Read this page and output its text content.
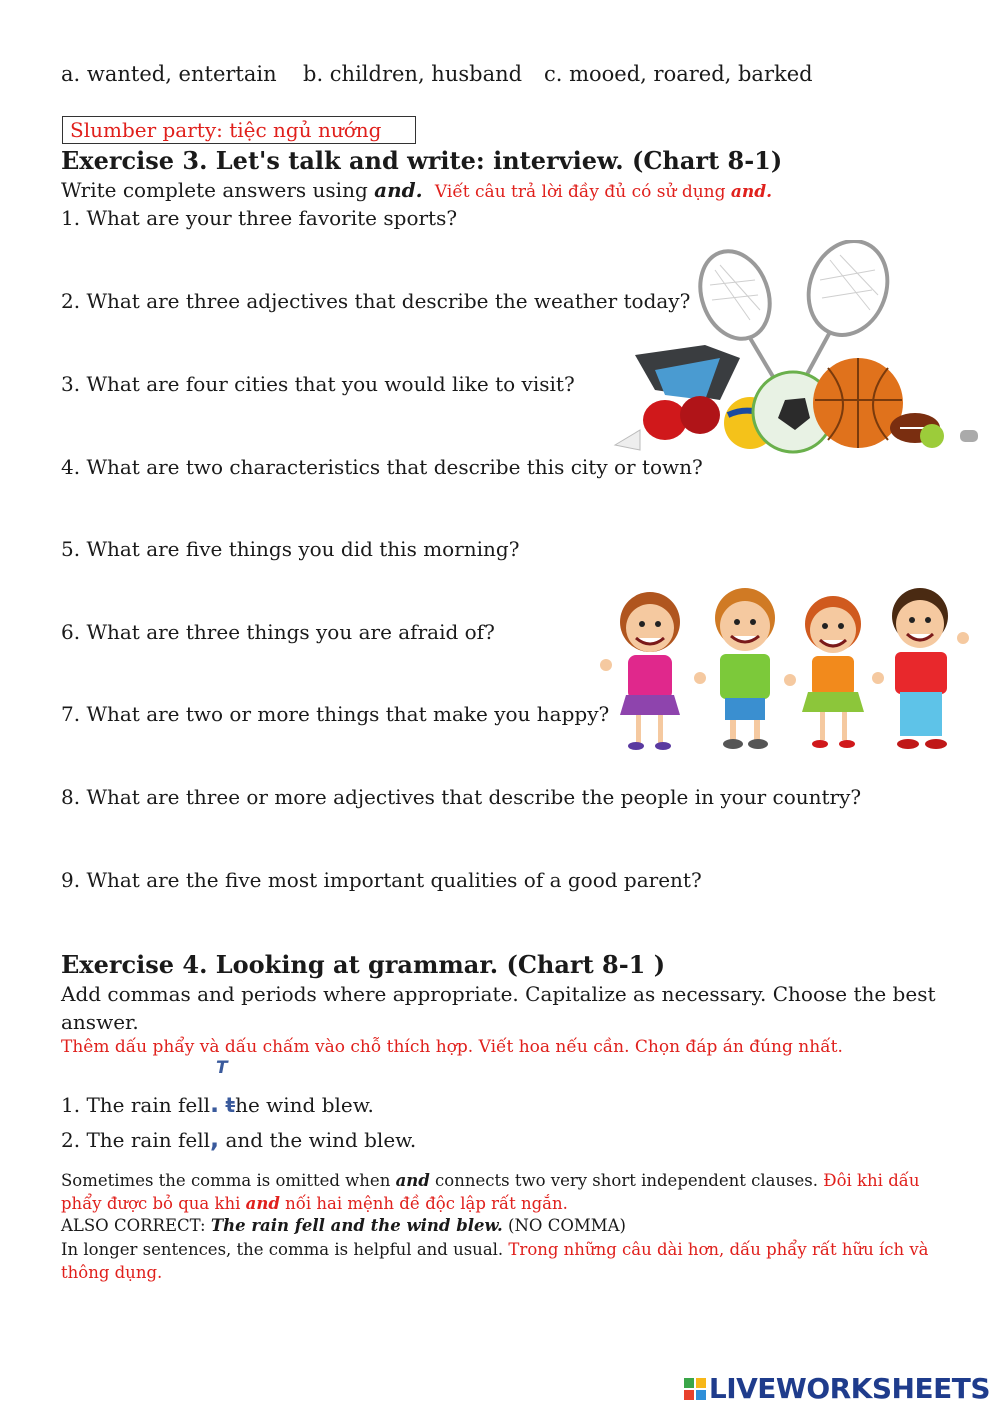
a. wanted, entertain b. children, husband c. mooed, roared, barked
Slumber party: tiệc ngủ nướng
Exercise 3. Let's talk and write: interview. (Chart 8-1)
Write complete answers using and. Viết câu trả lời đầy đủ có sử dụng and.
1. What are your three favorite sports?
2. What are three adjectives that describe the weather today?
3. What are four cities that you would like to visit?
4. What are two characteristics that describe this city or town?
5. What are five things you did this morning?
6. What are three things you are afraid of?
7. What are two or more things that make you happy?
8. What are three or more adjectives that describe the people in your country?
9. What are the five most important qualities of a good parent?
Exercise 4. Looking at grammar. (Chart 8-1 )
Add commas and periods where appropriate. Capitalize as necessary. Choose the best
answer.
Thêm dấu phẩy và dấu chấm vào chỗ thích hợp. Viết hoa nếu cần. Chọn đáp án đúng nhất.
T
1. The rain fell. the wind blew.
2. The rain fell, and the wind blew.
Sometimes the comma is omitted when and connects two very short independent clauses. Đôi khi dấu
phẩy được bỏ qua khi and nối hai mệnh đề độc lập rất ngắn.
ALSO CORRECT: The rain fell and the wind blew. (NO COMMA)
In longer sentences, the comma is helpful and usual. Trong những câu dài hơn, dấu phẩy rất hữu ích và
thông dụng.
LIVEWORKSHEETS
